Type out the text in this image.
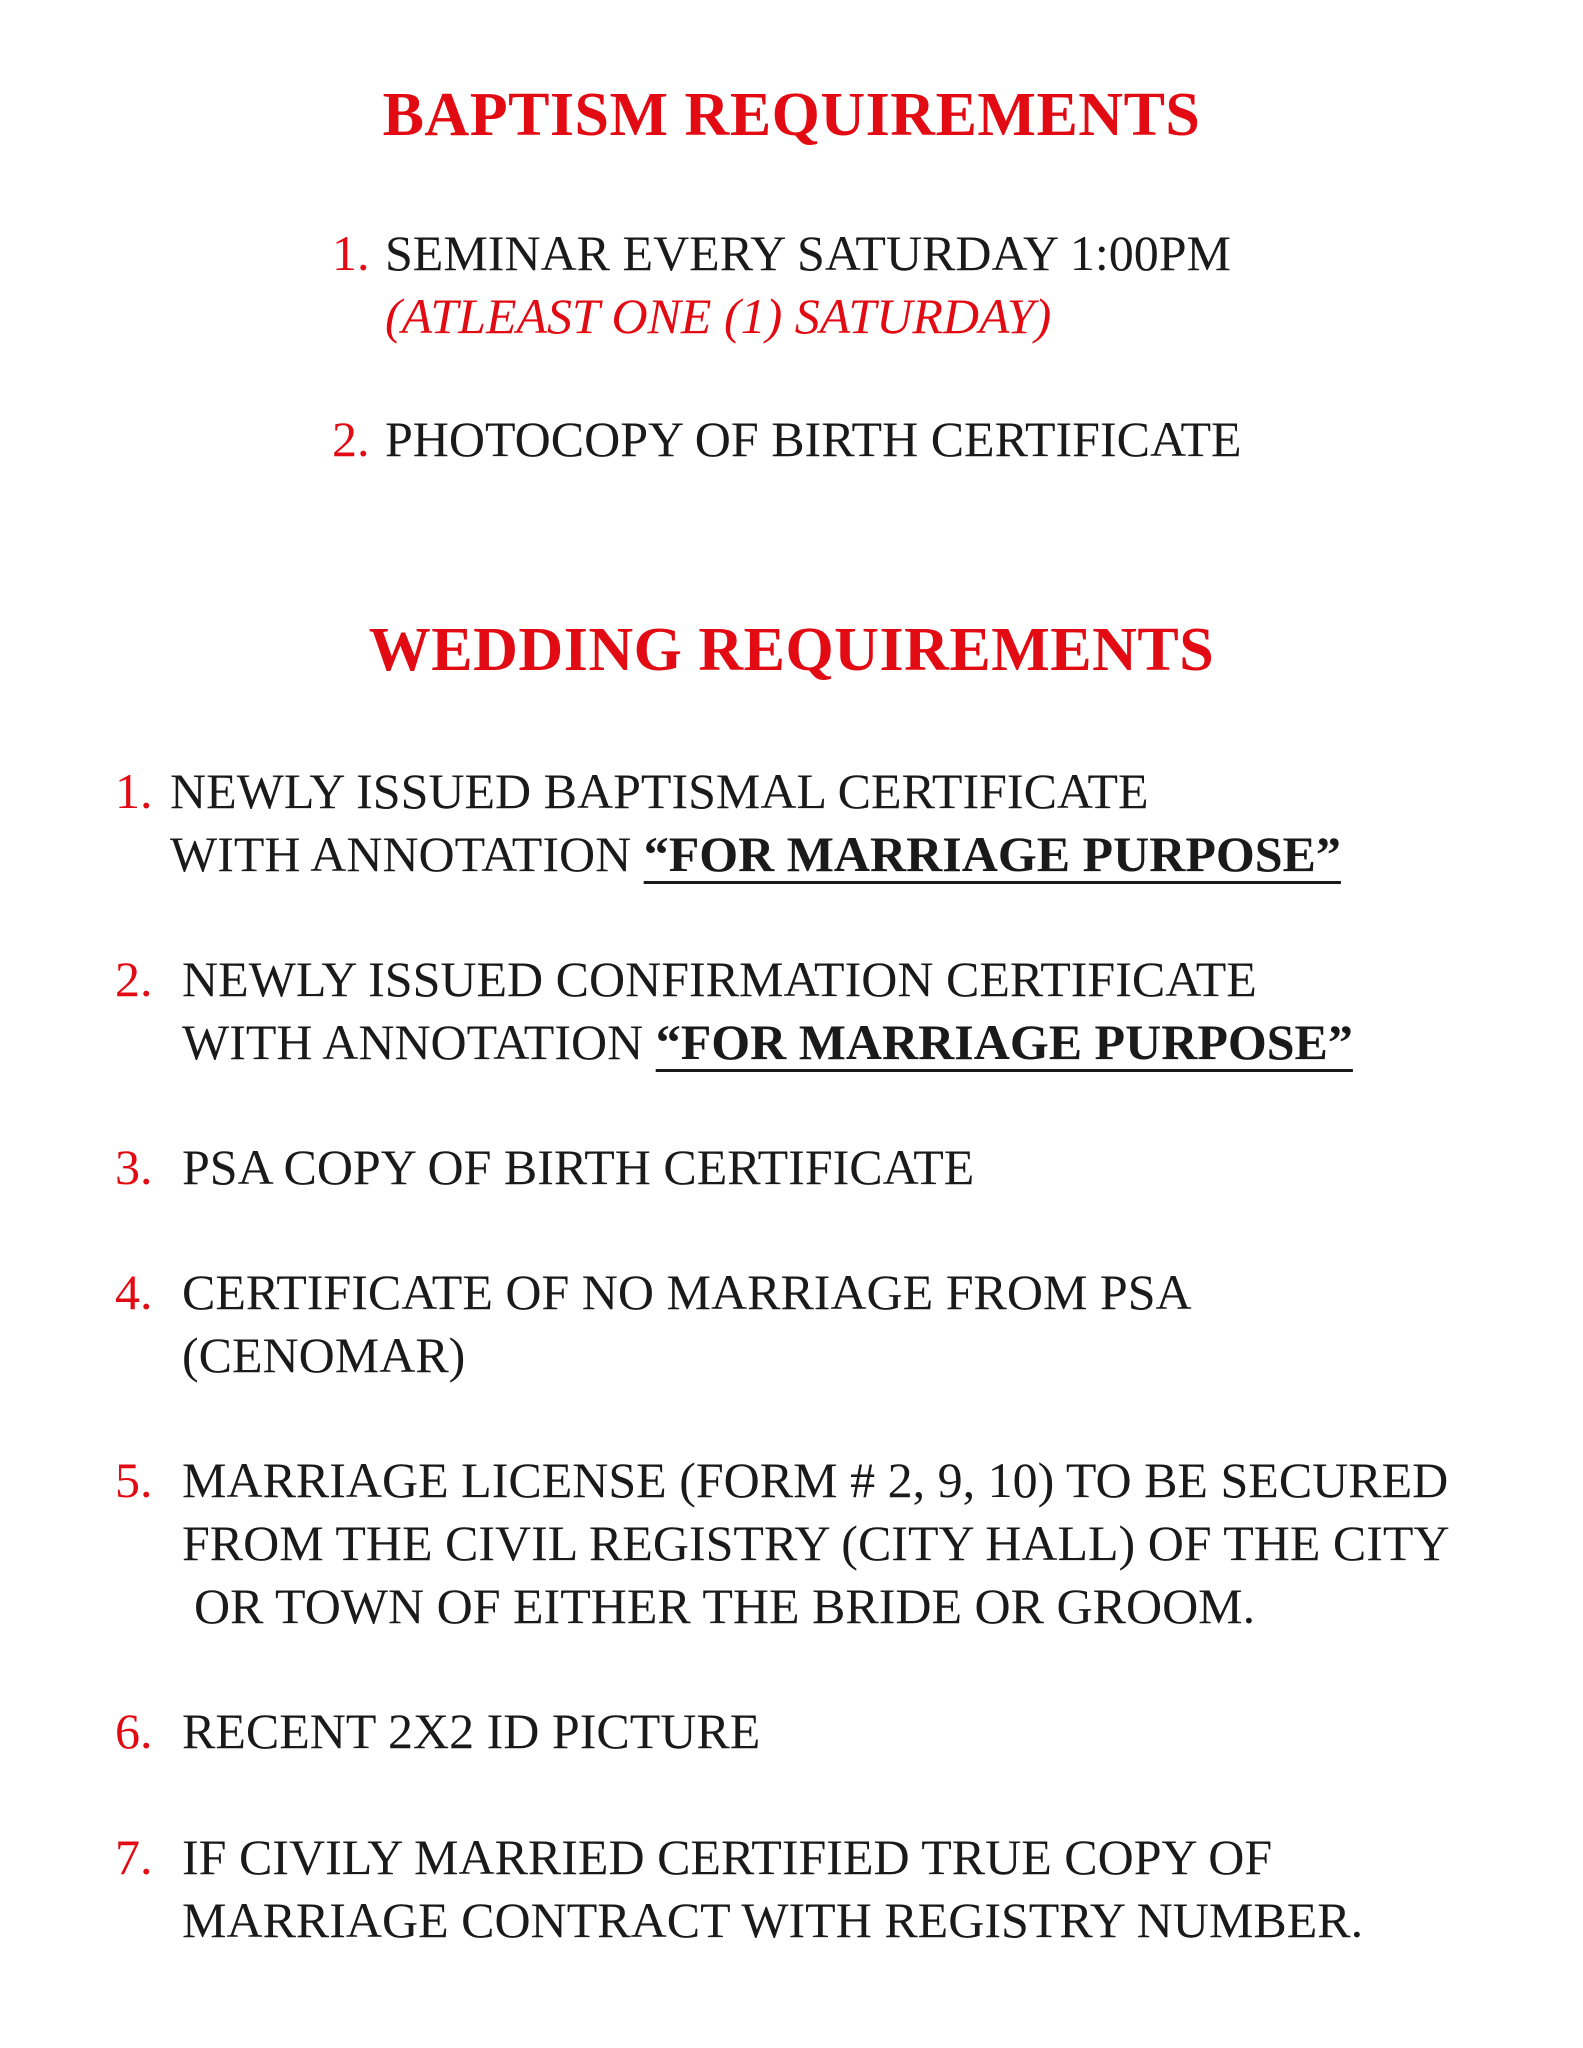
BAPTISM REQUIREMENTS
1. SEMINAR EVERY SATURDAY 1:00PM
(ATLEAST ONE (1) SATURDAY)
2. PHOTOCOPY OF BIRTH CERTIFICATE
WEDDING REQUIREMENTS
1. NEWLY ISSUED BAPTISMAL CERTIFICATE
WITH ANNOTATION “FOR MARRIAGE PURPOSE”
2. NEWLY ISSUED CONFIRMATION CERTIFICATE
WITH ANNOTATION “FOR MARRIAGE PURPOSE”
3. PSA COPY OF BIRTH CERTIFICATE
4. CERTIFICATE OF NO MARRIAGE FROM PSA
(CENOMAR)
5. MARRIAGE LICENSE (FORM # 2, 9, 10) TO BE SECURED
FROM THE CIVIL REGISTRY (CITY HALL) OF THE CITY
OR TOWN OF EITHER THE BRIDE OR GROOM.
6. RECENT 2X2 ID PICTURE
7. IF CIVILY MARRIED CERTIFIED TRUE COPY OF
MARRIAGE CONTRACT WITH REGISTRY NUMBER.
